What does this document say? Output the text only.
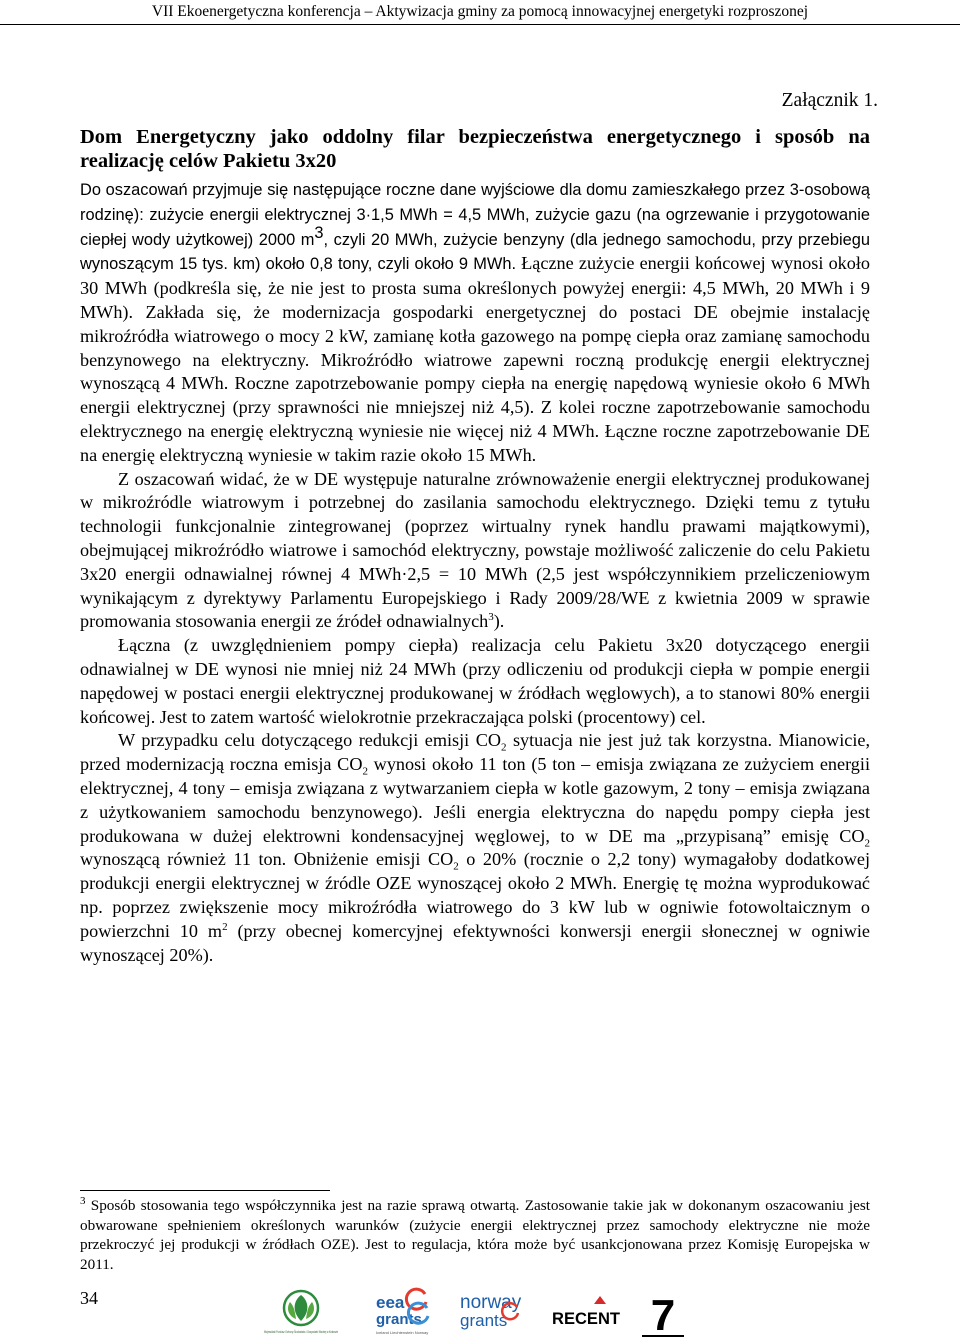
VII Ekoenergetyczna konferencja – Aktywizacja gminy za pomocą innowacyjnej energetyki rozproszonej
Załącznik 1.

Dom Energetyczny jako oddolny filar bezpieczeństwa energetycznego i sposób na realizację celów Pakietu 3x20

Do oszacowań przyjmuje się następujące roczne dane wyjściowe dla domu zamieszkałego przez 3-osobową rodzinę): zużycie energii elektrycznej 3·1,5 MWh = 4,5 MWh, zużycie gazu (na ogrzewanie i przygotowanie ciepłej wody użytkowej) 2000 $m^3$, czyli 20 MWh, zużycie benzyny (dla jednego samochodu, przy przebiegu wynoszącym 15 tys. km) około 0,8 tony, czyli około 9 MWh. Łączne zużycie energii końcowej wynosi około 30 MWh (podkreśla się, że nie jest to prosta suma określonych powyżej energii: 4,5 MWh, 20 MWh i 9 MWh). Zakłada się, że modernizacja gospodarki energetycznej do postaci DE obejmie instalację mikroźródła wiatrowego o mocy 2 kW, zamianę kotła gazowego na pompę ciepła oraz zamianę samochodu benzynowego na elektryczny. Mikroźródło wiatrowe zapewni roczną produkcję energii elektrycznej wynoszącą 4 MWh. Roczne zapotrzebowanie pompy ciepła na energię napędową wyniesie około 6 MWh energii elektrycznej (przy sprawności nie mniejszej niż 4,5). Z kolei roczne zapotrzebowanie samochodu elektrycznego na energię elektryczną wyniesie nie więcej niż 4 MWh. Łączne roczne zapotrzebowanie DE na energię elektryczną wyniesie w takim razie około 15 MWh.

Z oszacowań widać, że w DE występuje naturalne zrównoważenie energii elektrycznej produkowanej w mikroźródle wiatrowym i potrzebnej do zasilania samochodu elektrycznego. Dzięki temu z tytułu technologii funkcjonalnie zintegrowanej (poprzez wirtualny rynek handlu prawami majątkowymi), obejmującej mikroźródło wiatrowe i samochód elektryczny, powstaje możliwość zaliczenie do celu Pakietu 3x20 energii odnawialnej równej 4 MWh·2,5 = 10 MWh (2,5 jest współczynnikiem przeliczeniowym wynikającym z dyrektywy Parlamentu Europejskiego i Rady 2009/28/WE z kwietnia 2009 w sprawie promowania stosowania energii ze źródeł odnawialnych$^3$).

Łączna (z uwzględnieniem pompy ciepła) realizacja celu Pakietu 3x20 dotyczącego energii odnawialnej w DE wynosi nie mniej niż 24 MWh (przy odliczeniu od produkcji ciepła w pompie energii napędowej w postaci energii elektrycznej produkowanej w źródłach węglowych), a to stanowi 80% energii końcowej. Jest to zatem wartość wielokrotnie przekraczająca polski (procentowy) cel.

W przypadku celu dotyczącego redukcji emisji $CO_2$ sytuacja nie jest już tak korzystna. Mianowicie, przed modernizacją roczna emisja $CO_2$ wynosi około 11 ton (5 ton – emisja związana ze zużyciem energii elektrycznej, 4 tony – emisja związana z wytwarzaniem ciepła w kotle gazowym, 2 tony – emisja związana z użytkowaniem samochodu benzynowego). Jeśli energia elektryczna do napędu pompy ciepła jest produkowana w dużej elektrowni kondensacyjnej węglowej, to w DE ma „przypisaną” emisję $CO_2$ wynoszącą również 11 ton. Obniżenie emisji $CO_2$ o 20% (rocznie o 2,2 tony) wymagałoby dodatkowej produkcji energii elektrycznej w źródle OZE wynoszącej około 2 MWh. Energię tę można wyprodukować np. poprzez zwiększenie mocy mikroźródła wiatrowego do 3 kW lub w ogniwie fotowoltaicznym o powierzchni 10 $m^2$ (przy obecnej komercyjnej efektywności konwersji energii słonecznej w ogniwie wynoszącej 20%).

$^3$ Sposób stosowania tego współczynnika jest na razie sprawą otwartą. Zastosowanie takie jak w dokonanym oszacowaniu jest obwarowane spełnieniem określonych warunków (zużycie energii elektrycznej przez samochody elektryczne nie może przekroczyć jej produkcji w źródłach OZE). Jest to regulacja, która może być usankcjonowana przez Komisję Europejska w 2011.

34
Wojewódzki Fundusz Ochrony Środowiska i Gospodarki Wodnej w Krakowie
eea
grants
Iceland Liechtenstein Norway
norway
grants	RECENT 7
